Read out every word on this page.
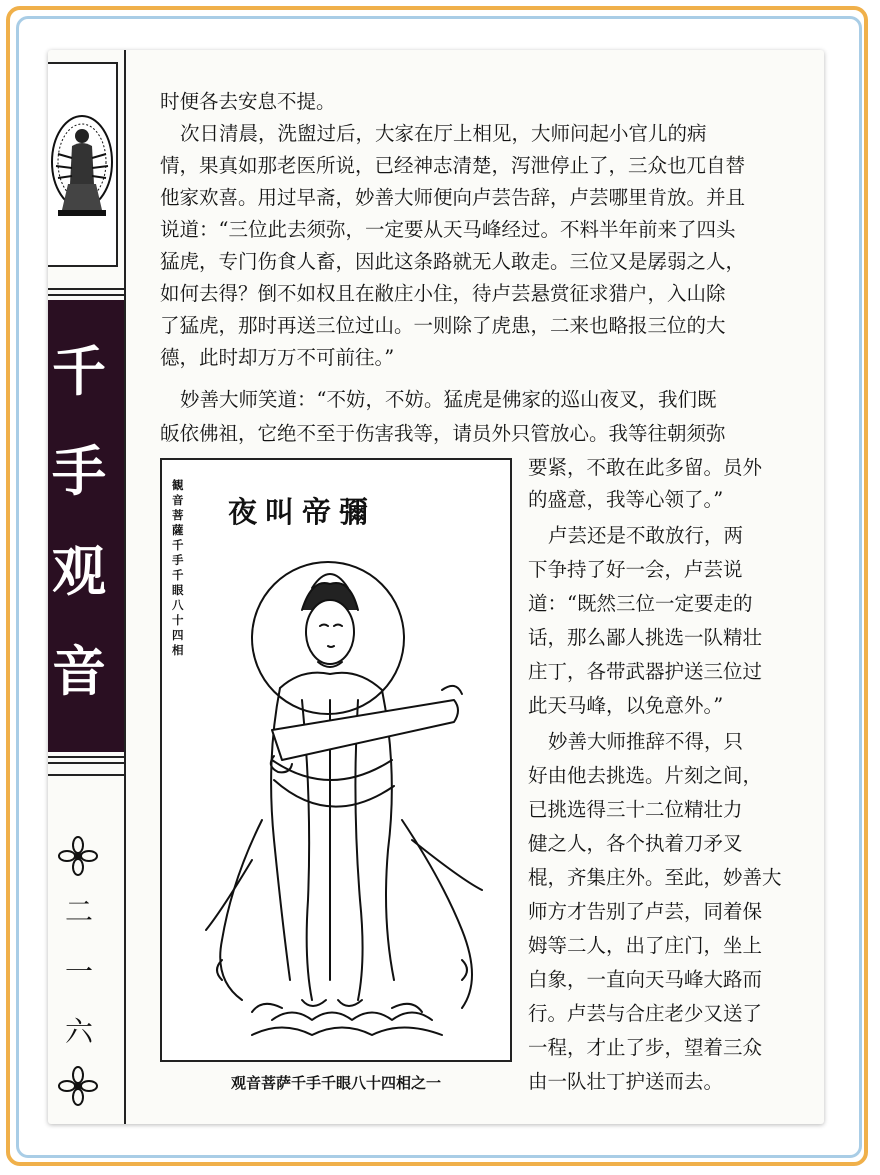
千
手
观
音
二
一
六
时便各去安息不提。
次日清晨，洗盥过后，大家在厅上相见，大师问起小官儿的病
情，果真如那老医所说，已经神志清楚，泻泄停止了，三众也兀自替
他家欢喜。用过早斋，妙善大师便向卢芸告辞，卢芸哪里肯放。并且
说道：“三位此去须弥，一定要从天马峰经过。不料半年前来了四头
猛虎，专门伤食人畜，因此这条路就无人敢走。三位又是孱弱之人，
如何去得？倒不如权且在敝庄小住，待卢芸悬赏征求猎户，入山除
了猛虎，那时再送三位过山。一则除了虎患，二来也略报三位的大
德，此时却万万不可前往。”
妙善大师笑道：“不妨，不妨。猛虎是佛家的巡山夜叉，我们既
皈依佛祖，它绝不至于伤害我等，请员外只管放心。我等往朝须弥
要紧，不敢在此多留。员外
的盛意，我等心领了。”
卢芸还是不敢放行，两
下争持了好一会，卢芸说
道：“既然三位一定要走的
话，那么鄙人挑选一队精壮
庄丁，各带武器护送三位过
此天马峰，以免意外。”
妙善大师推辞不得，只
好由他去挑选。片刻之间，
已挑选得三十二位精壮力
健之人，各个执着刀矛叉
棍，齐集庄外。至此，妙善大
师方才告别了卢芸，同着保
姆等二人，出了庄门，坐上
白象，一直向天马峰大路而
行。卢芸与合庄老少又送了
一程，才止了步，望着三众
由一队壮丁护送而去。
観音菩薩千手千眼八十四相
夜叫帝彌
观音菩萨千手千眼八十四相之一
